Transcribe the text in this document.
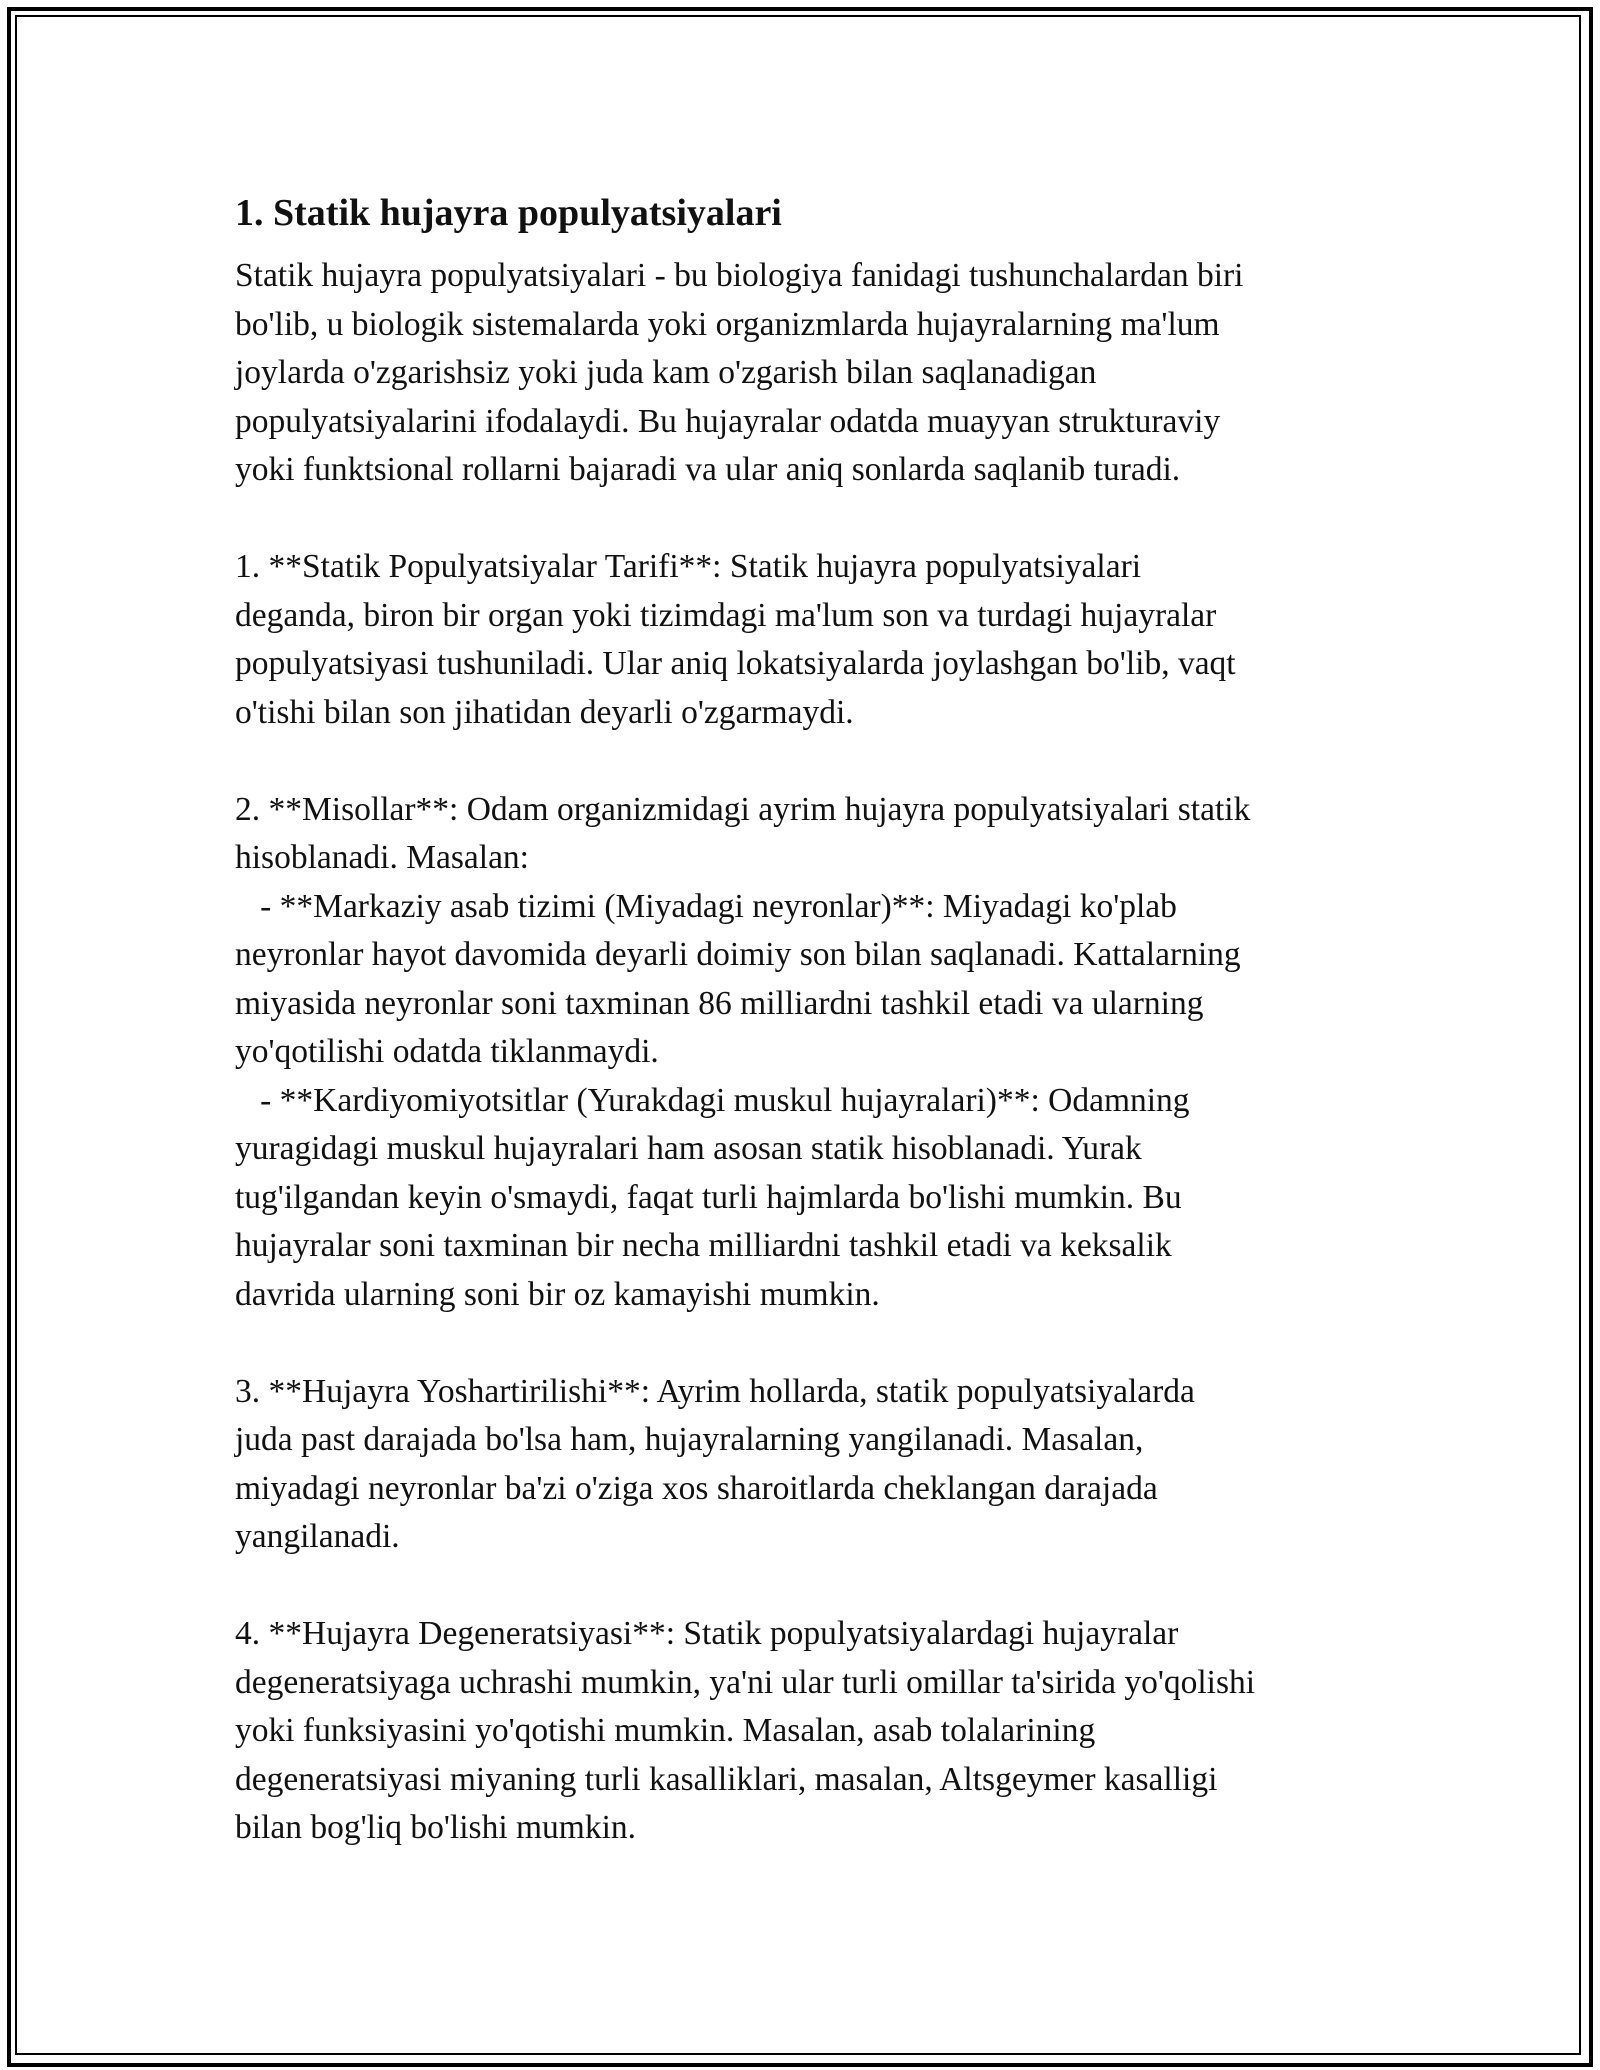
1. Statik hujayra populyatsiyalari
Statik hujayra populyatsiyalari - bu biologiya fanidagi tushunchalardan biri
bo'lib, u biologik sistemalarda yoki organizmlarda hujayralarning ma'lum
joylarda o'zgarishsiz yoki juda kam o'zgarish bilan saqlanadigan
populyatsiyalarini ifodalaydi. Bu hujayralar odatda muayyan strukturaviy
yoki funktsional rollarni bajaradi va ular aniq sonlarda saqlanib turadi.
1. **Statik Populyatsiyalar Tarifi**: Statik hujayra populyatsiyalari
deganda, biron bir organ yoki tizimdagi ma'lum son va turdagi hujayralar
populyatsiyasi tushuniladi. Ular aniq lokatsiyalarda joylashgan bo'lib, vaqt
o'tishi bilan son jihatidan deyarli o'zgarmaydi.
2. **Misollar**: Odam organizmidagi ayrim hujayra populyatsiyalari statik
hisoblanadi. Masalan:
- **Markaziy asab tizimi (Miyadagi neyronlar)**: Miyadagi ko'plab
neyronlar hayot davomida deyarli doimiy son bilan saqlanadi. Kattalarning
miyasida neyronlar soni taxminan 86 milliardni tashkil etadi va ularning
yo'qotilishi odatda tiklanmaydi.
- **Kardiyomiyotsitlar (Yurakdagi muskul hujayralari)**: Odamning
yuragidagi muskul hujayralari ham asosan statik hisoblanadi. Yurak
tug'ilgandan keyin o'smaydi, faqat turli hajmlarda bo'lishi mumkin. Bu
hujayralar soni taxminan bir necha milliardni tashkil etadi va keksalik
davrida ularning soni bir oz kamayishi mumkin.
3. **Hujayra Yoshartirilishi**: Ayrim hollarda, statik populyatsiyalarda
juda past darajada bo'lsa ham, hujayralarning yangilanadi. Masalan,
miyadagi neyronlar ba'zi o'ziga xos sharoitlarda cheklangan darajada
yangilanadi.
4. **Hujayra Degeneratsiyasi**: Statik populyatsiyalardagi hujayralar
degeneratsiyaga uchrashi mumkin, ya'ni ular turli omillar ta'sirida yo'qolishi
yoki funksiyasini yo'qotishi mumkin. Masalan, asab tolalarining
degeneratsiyasi miyaning turli kasalliklari, masalan, Altsgeymer kasalligi
bilan bog'liq bo'lishi mumkin.
